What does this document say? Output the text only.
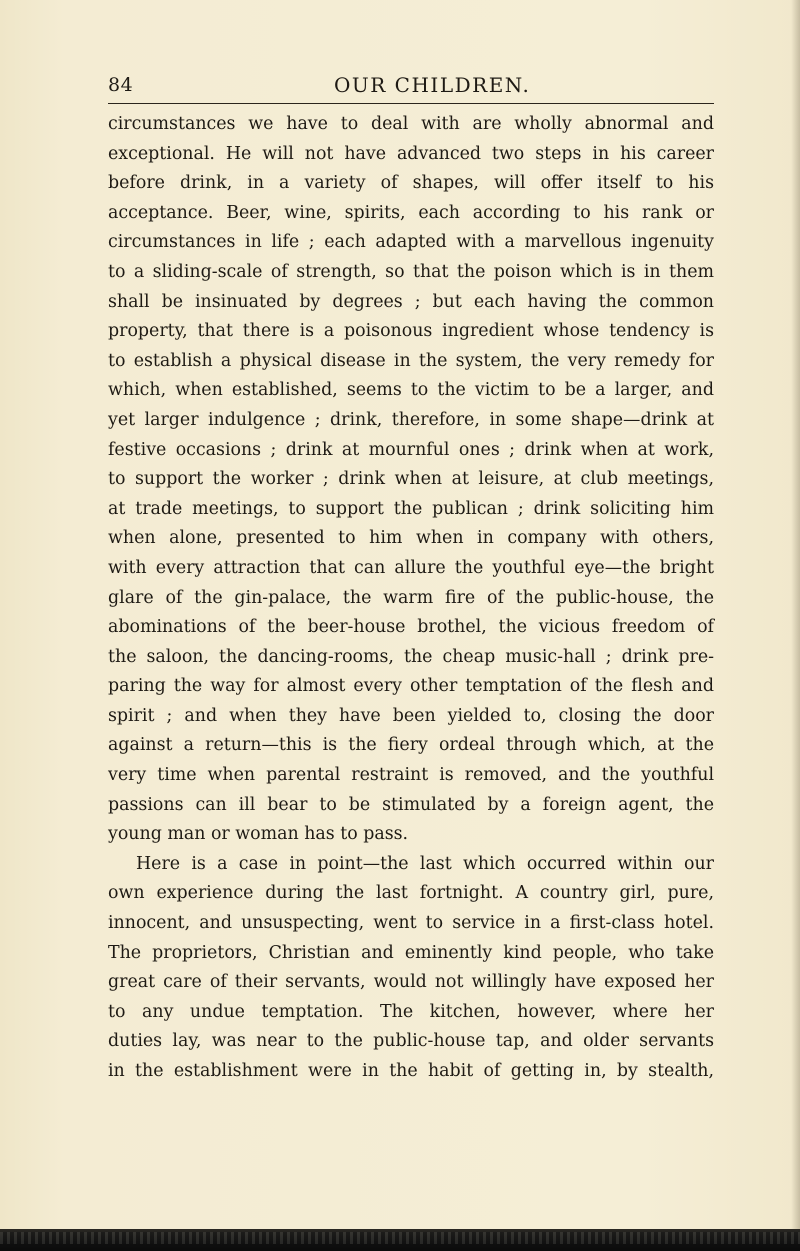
84	OUR CHILDREN.
circumstances we have to deal with are wholly abnormal and
exceptional. He will not have advanced two steps in his career
before drink, in a variety of shapes, will offer itself to his
acceptance. Beer, wine, spirits, each according to his rank or
circumstances in life ; each adapted with a marvellous ingenuity
to a sliding-scale of strength, so that the poison which is in them
shall be insinuated by degrees ; but each having the common
property, that there is a poisonous ingredient whose tendency is
to establish a physical disease in the system, the very remedy for
which, when established, seems to the victim to be a larger, and
yet larger indulgence ; drink, therefore, in some shape—drink at
festive occasions ; drink at mournful ones ; drink when at work,
to support the worker ; drink when at leisure, at club meetings,
at trade meetings, to support the publican ; drink soliciting him
when alone, presented to him when in company with others,
with every attraction that can allure the youthful eye—the bright
glare of the gin-palace, the warm fire of the public-house, the
abominations of the beer-house brothel, the vicious freedom of
the saloon, the dancing-rooms, the cheap music-hall ; drink pre-
paring the way for almost every other temptation of the flesh and
spirit ; and when they have been yielded to, closing the door
against a return—this is the fiery ordeal through which, at the
very time when parental restraint is removed, and the youthful
passions can ill bear to be stimulated by a foreign agent, the
young man or woman has to pass.
Here is a case in point—the last which occurred within our
own experience during the last fortnight. A country girl, pure,
innocent, and unsuspecting, went to service in a first-class hotel.
The proprietors, Christian and eminently kind people, who take
great care of their servants, would not willingly have exposed her
to any undue temptation. The kitchen, however, where her
duties lay, was near to the public-house tap, and older servants
in the establishment were in the habit of getting in, by stealth,
